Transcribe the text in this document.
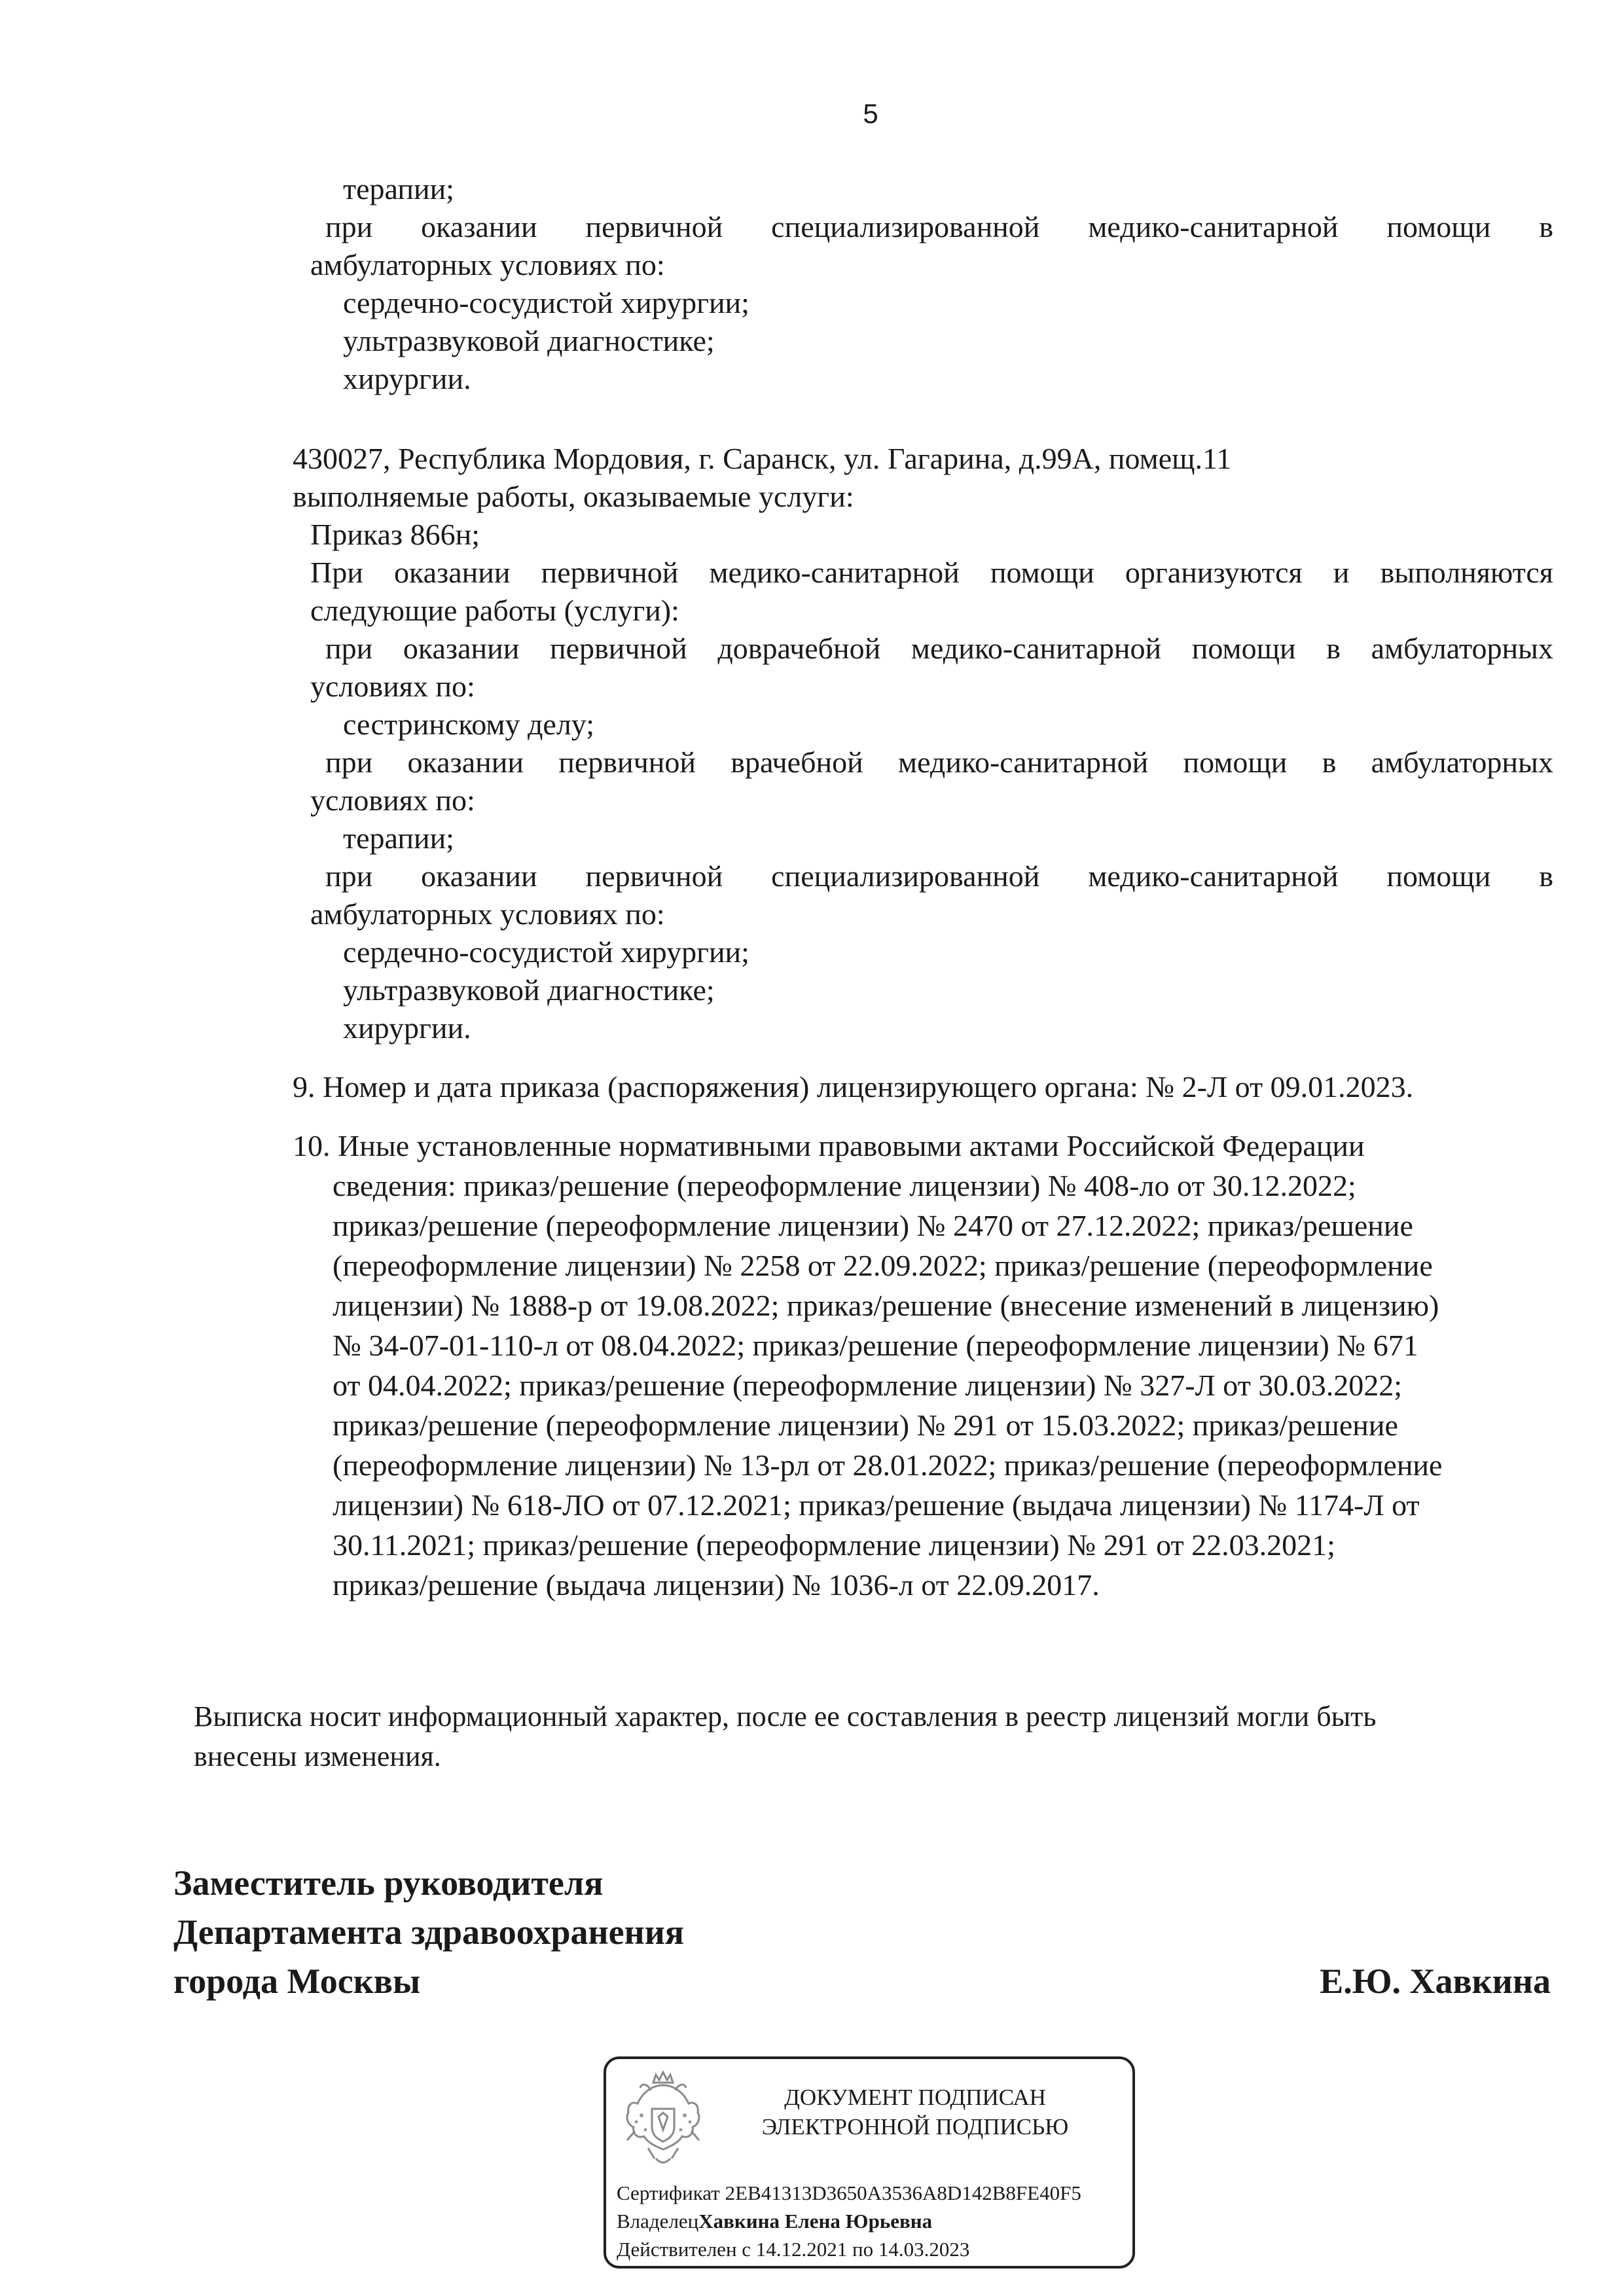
5
терапии;
при оказании первичной специализированной медико-санитарной помощи в
амбулаторных условиях по:
сердечно-сосудистой хирургии;
ультразвуковой диагностике;
хирургии.
430027, Республика Мордовия, г. Саранск, ул. Гагарина, д.99А, помещ.11
выполняемые работы, оказываемые услуги:
Приказ 866н;
При оказании первичной медико-санитарной помощи организуются и выполняются
следующие работы (услуги):
при оказании первичной доврачебной медико-санитарной помощи в амбулаторных
условиях по:
сестринскому делу;
при оказании первичной врачебной медико-санитарной помощи в амбулаторных
условиях по:
терапии;
при оказании первичной специализированной медико-санитарной помощи в
амбулаторных условиях по:
сердечно-сосудистой хирургии;
ультразвуковой диагностике;
хирургии.
9. Номер и дата приказа (распоряжения) лицензирующего органа: № 2-Л от 09.01.2023.
10. Иные установленные нормативными правовыми актами Российской Федерации
сведения: приказ/решение (переоформление лицензии) № 408-ло от 30.12.2022;
приказ/решение (переоформление лицензии) № 2470 от 27.12.2022; приказ/решение
(переоформление лицензии) № 2258 от 22.09.2022; приказ/решение (переоформление
лицензии) № 1888-р от 19.08.2022; приказ/решение (внесение изменений в лицензию)
№ 34-07-01-110-л от 08.04.2022; приказ/решение (переоформление лицензии) № 671
от 04.04.2022; приказ/решение (переоформление лицензии) № 327-Л от 30.03.2022;
приказ/решение (переоформление лицензии) № 291 от 15.03.2022; приказ/решение
(переоформление лицензии) № 13-рл от 28.01.2022; приказ/решение (переоформление
лицензии) № 618-ЛО от 07.12.2021; приказ/решение (выдача лицензии) № 1174-Л от
30.11.2021; приказ/решение (переоформление лицензии) № 291 от 22.03.2021;
приказ/решение (выдача лицензии) № 1036-л от 22.09.2017.
Выписка носит информационный характер, после ее составления в реестр лицензий могли быть
внесены изменения.
Заместитель руководителя
Департамента здравоохранения
города Москвы	Е.Ю. Хавкина
ДОКУМЕНТ ПОДПИСАН
ЭЛЕКТРОННОЙ ПОДПИСЬЮ
Сертификат 2EB41313D3650A3536A8D142B8FE40F5
ВладелецХавкина Елена Юрьевна
Действителен с 14.12.2021 по 14.03.2023
